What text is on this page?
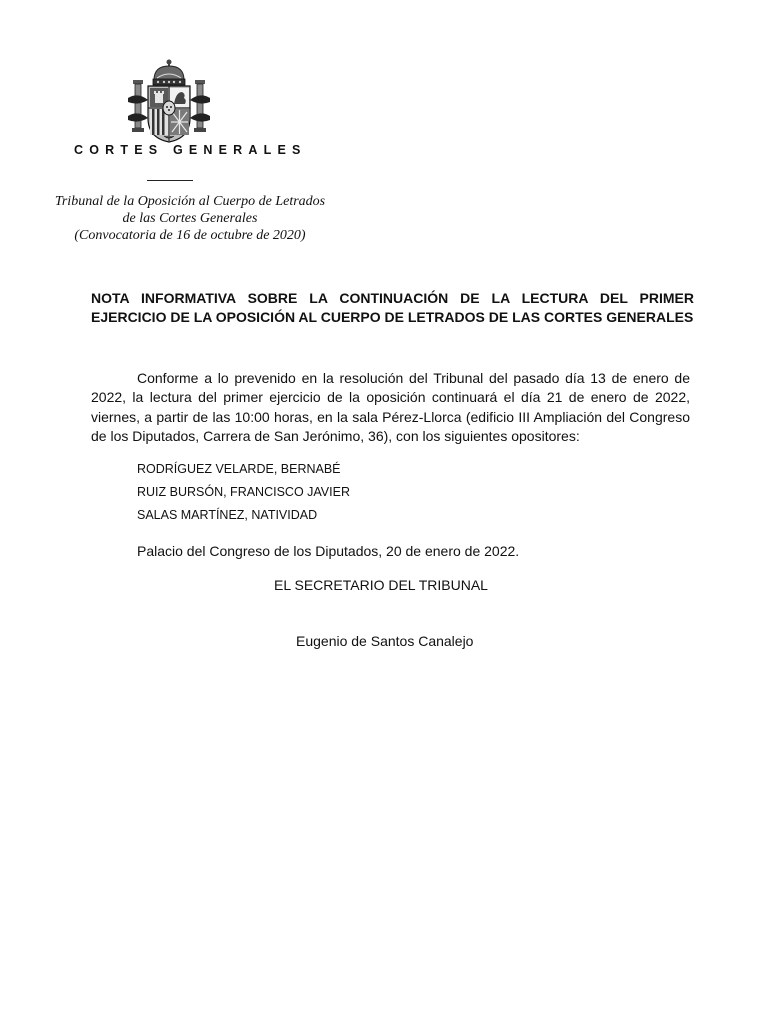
CORTES GENERALES
Tribunal de la Oposición al Cuerpo de Letrados
de las Cortes Generales
(Convocatoria de 16 de octubre de 2020)
NOTA INFORMATIVA SOBRE LA CONTINUACIÓN DE LA LECTURA DEL PRIMER EJERCICIO DE LA OPOSICIÓN AL CUERPO DE LETRADOS DE LAS CORTES GENERALES
Conforme a lo prevenido en la resolución del Tribunal del pasado día 13 de enero de 2022, la lectura del primer ejercicio de la oposición continuará el día 21 de enero de 2022, viernes, a partir de las 10:00 horas, en la sala Pérez-Llorca (edificio III Ampliación del Congreso de los Diputados, Carrera de San Jerónimo, 36), con los siguientes opositores:
RODRÍGUEZ VELARDE, BERNABÉ
RUIZ BURSÓN, FRANCISCO JAVIER
SALAS MARTÍNEZ, NATIVIDAD
Palacio del Congreso de los Diputados, 20 de enero de 2022.
EL SECRETARIO DEL TRIBUNAL
Eugenio de Santos Canalejo
